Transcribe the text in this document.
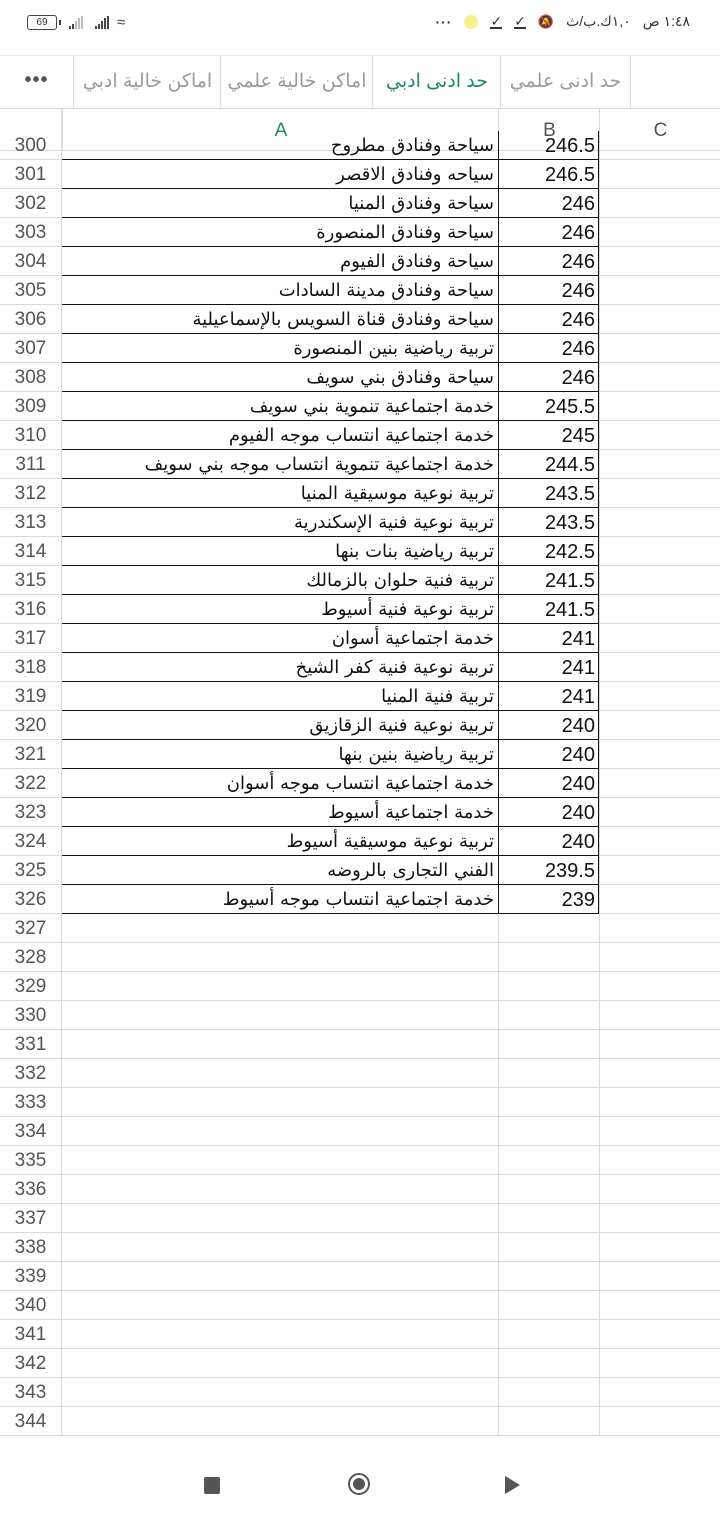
69	≈	···	✓ ✓ 🔕 ١,٠ك.ب/ث ١:٤٨ ص
•••	اماكن خالية ادبي اماكن خالية علمي	حد ادنى ادبي	حد ادنى علمي
A	B	C
300	سياحة وفنادق مطروح	246.5
301	سياحه وفنادق الاقصر	246.5
302	سياحة وفنادق المنيا	246
303	سياحة وفنادق المنصورة	246
304	سياحة وفنادق الفيوم	246
305	سياحة وفنادق مدينة السادات	246
306	سياحة وفنادق قناة السويس بالإسماعيلية	246
307	تربية رياضية بنين المنصورة	246
308	سياحة وفنادق بني سويف	246
309	خدمة اجتماعية تنموية بني سويف	245.5
310	خدمة اجتماعية انتساب موجه الفيوم	245
311	خدمة اجتماعية تنموية انتساب موجه بني سويف	244.5
312	تربية نوعية موسيقية المنيا	243.5
313	تربية نوعية فنية الإسكندرية	243.5
314	تربية رياضية بنات بنها	242.5
315	تربية فنية حلوان بالزمالك	241.5
316	تربية نوعية فنية أسيوط	241.5
317	خدمة اجتماعية أسوان	241
318	تربية نوعية فنية كفر الشيخ	241
319	تربية فنية المنيا	241
320	تربية نوعية فنية الزقازيق	240
321	تربية رياضية بنين بنها	240
322	خدمة اجتماعية انتساب موجه أسوان	240
323	خدمة اجتماعية أسيوط	240
324	تربية نوعية موسيقية أسيوط	240
325	الفني التجارى بالروضه	239.5
326	خدمة اجتماعية انتساب موجه أسيوط	239
327
328
329
330
331
332
333
334
335
336
337
338
339
340
341
342
343
344
